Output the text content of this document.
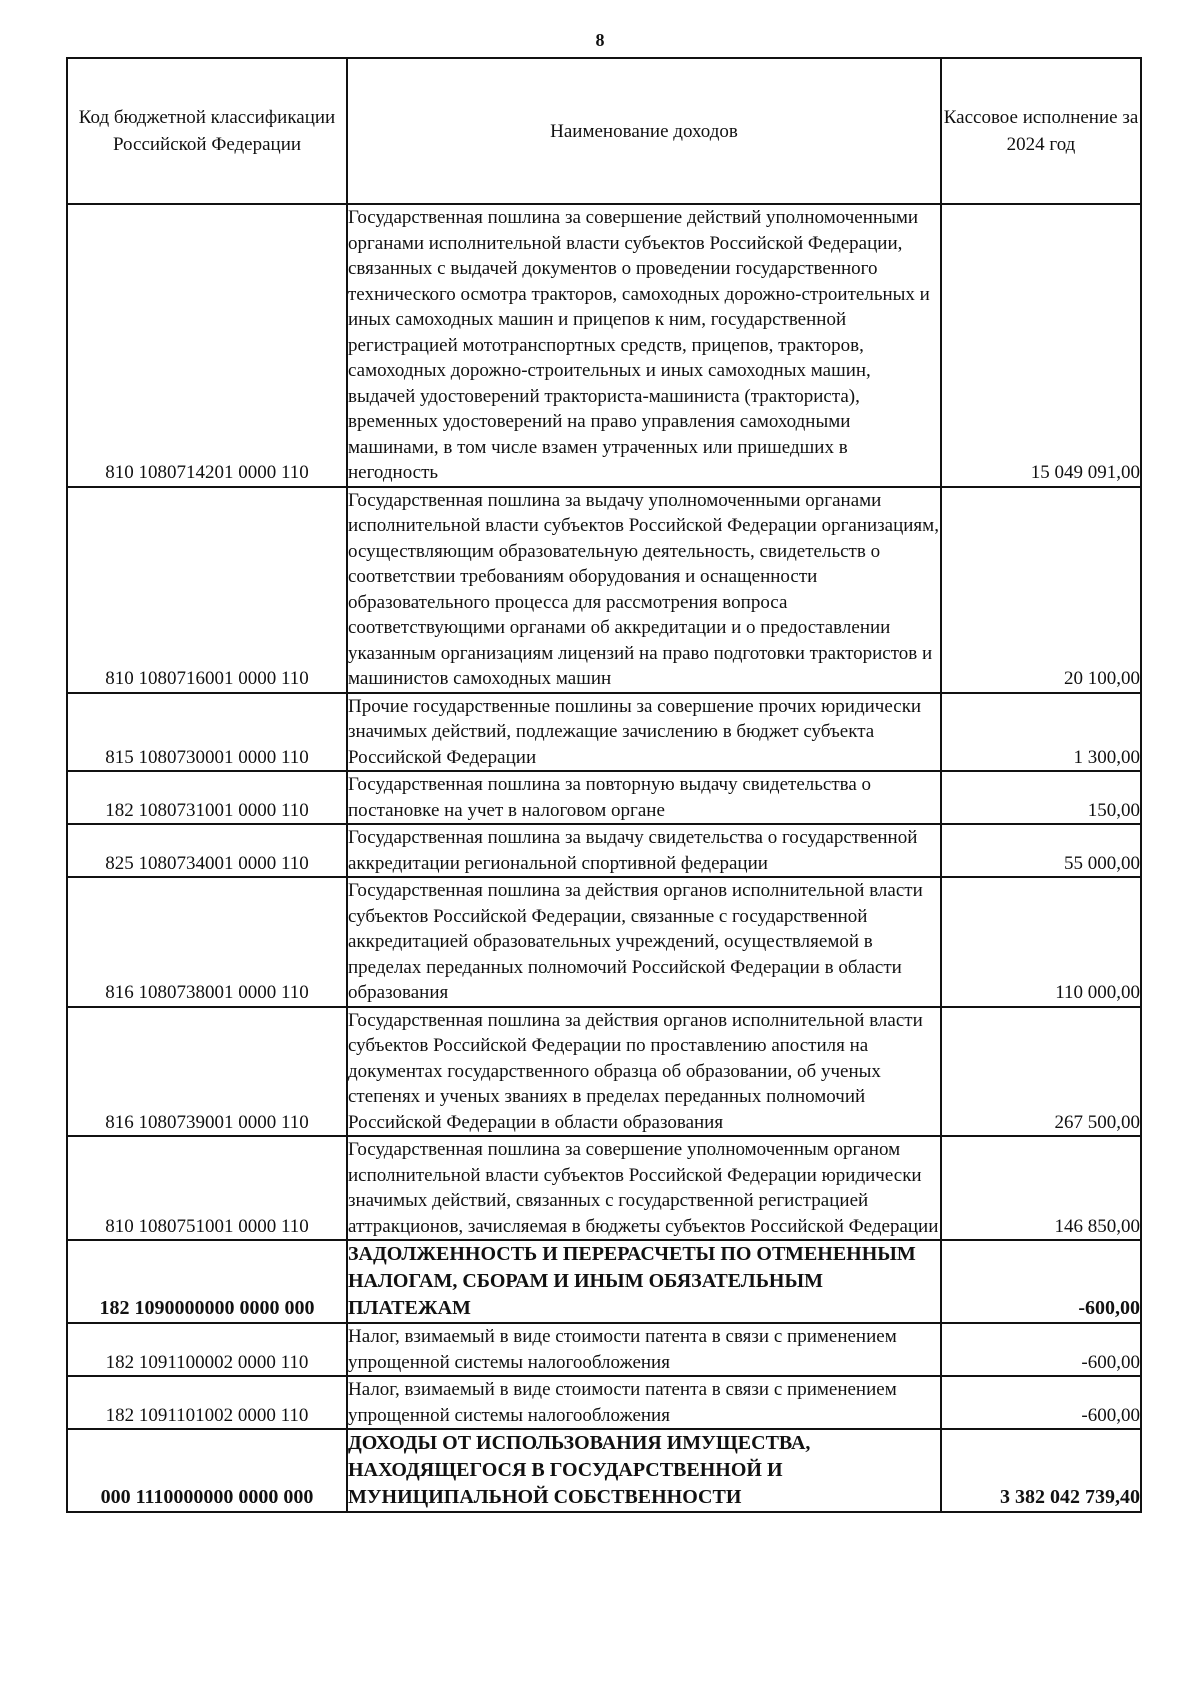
8
Код бюджетной классификации Российской Федерации	Наименование доходов	Кассовое исполнение за 2024 год
810 1080714201 0000 110	Государственная пошлина за совершение действий уполномоченными органами исполнительной власти субъектов Российской Федерации, связанных с выдачей документов о проведении государственного технического осмотра тракторов, самоходных дорожно-строительных и иных самоходных машин и прицепов к ним, государственной регистрацией мототранспортных средств, прицепов, тракторов, самоходных дорожно-строительных и иных самоходных машин, выдачей удостоверений тракториста-машиниста (тракториста), временных удостоверений на право управления самоходными машинами, в том числе взамен утраченных или пришедших в негодность	15 049 091,00
810 1080716001 0000 110	Государственная пошлина за выдачу уполномоченными органами исполнительной власти субъектов Российской Федерации организациям, осуществляющим образовательную деятельность, свидетельств о соответствии требованиям оборудования и оснащенности образовательного процесса для рассмотрения вопроса соответствующими органами об аккредитации и о предоставлении указанным организациям лицензий на право подготовки трактористов и машинистов самоходных машин	20 100,00
815 1080730001 0000 110	Прочие государственные пошлины за совершение прочих юридически значимых действий, подлежащие зачислению в бюджет субъекта Российской Федерации	1 300,00
182 1080731001 0000 110	Государственная пошлина за повторную выдачу свидетельства о постановке на учет в налоговом органе	150,00
825 1080734001 0000 110	Государственная пошлина за выдачу свидетельства о государственной аккредитации региональной спортивной федерации	55 000,00
816 1080738001 0000 110	Государственная пошлина за действия органов исполнительной власти субъектов Российской Федерации, связанные с государственной аккредитацией образовательных учреждений, осуществляемой в пределах переданных полномочий Российской Федерации в области образования	110 000,00
816 1080739001 0000 110	Государственная пошлина за действия органов исполнительной власти субъектов Российской Федерации по проставлению апостиля на документах государственного образца об образовании, об ученых степенях и ученых званиях в пределах переданных полномочий Российской Федерации в области образования	267 500,00
810 1080751001 0000 110	Государственная пошлина за совершение уполномоченным органом исполнительной власти субъектов Российской Федерации юридически значимых действий, связанных с государственной регистрацией аттракционов, зачисляемая в бюджеты субъектов Российской Федерации	146 850,00
182 1090000000 0000 000	ЗАДОЛЖЕННОСТЬ И ПЕРЕРАСЧЕТЫ ПО ОТМЕНЕННЫМ НАЛОГАМ, СБОРАМ И ИНЫМ ОБЯЗАТЕЛЬНЫМ ПЛАТЕЖАМ	-600,00
182 1091100002 0000 110	Налог, взимаемый в виде стоимости патента в связи с применением упрощенной системы налогообложения	-600,00
182 1091101002 0000 110	Налог, взимаемый в виде стоимости патента в связи с применением упрощенной системы налогообложения	-600,00
000 1110000000 0000 000	ДОХОДЫ ОТ ИСПОЛЬЗОВАНИЯ ИМУЩЕСТВА, НАХОДЯЩЕГОСЯ В ГОСУДАРСТВЕННОЙ И МУНИЦИПАЛЬНОЙ СОБСТВЕННОСТИ	3 382 042 739,40
